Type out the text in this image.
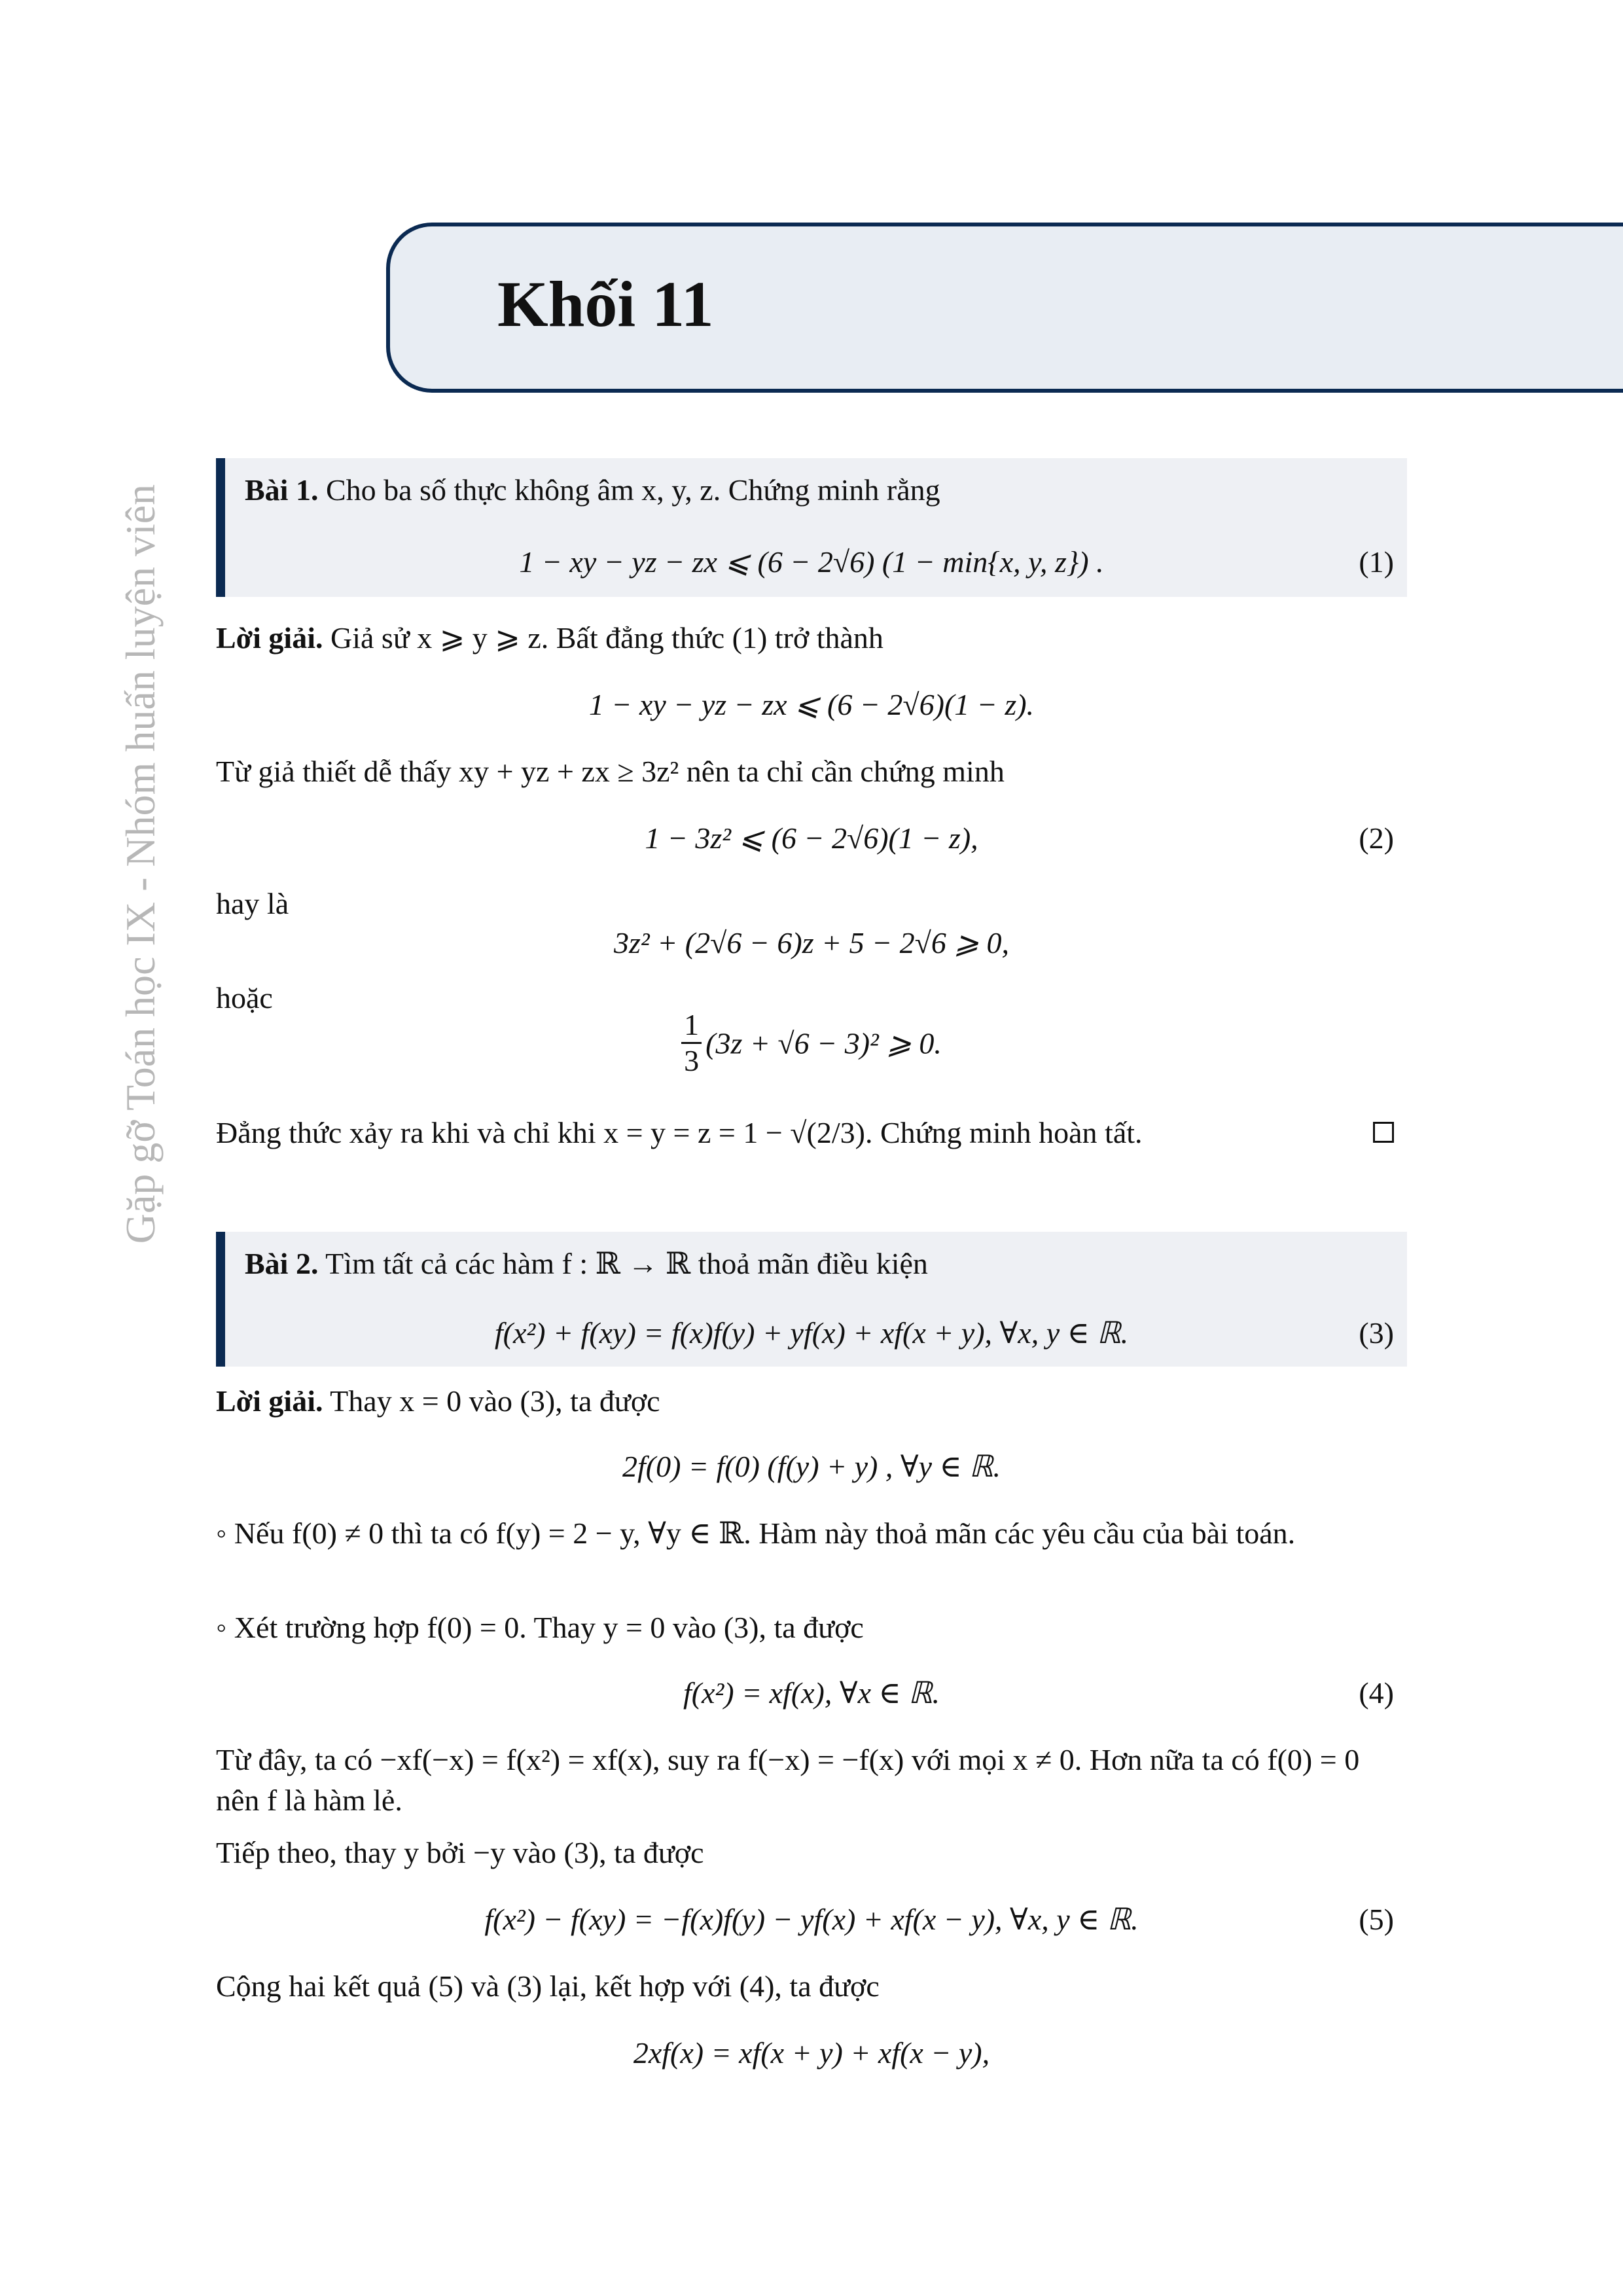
Khối 11
Gặp gỡ Toán học IX - Nhóm huấn luyện viên	Bài 1. Cho ba số thực không âm x, y, z. Chứng minh rằng
1 − xy − yz − zx ⩽ (6 − 2√6) (1 − min{x, y, z}) .	(1)
Lời giải. Giả sử x ⩾ y ⩾ z. Bất đẳng thức (1) trở thành
1 − xy − yz − zx ⩽ (6 − 2√6)(1 − z).
Từ giả thiết dễ thấy xy + yz + zx ≥ 3z² nên ta chỉ cần chứng minh
1 − 3z² ⩽ (6 − 2√6)(1 − z),	(2)
hay là
3z² + (2√6 − 6)z + 5 − 2√6 ⩾ 0,
hoặc
$\frac{1}{3} (3z + √6 - 3)^2$ ⩾ 0.
Đẳng thức xảy ra khi và chỉ khi x = y = z = 1 − √(2/3). Chứng minh hoàn tất.
Bài 2. Tìm tất cả các hàm f : ℝ → ℝ thoả mãn điều kiện
f(x²) + f(xy) = f(x)f(y) + yf(x) + xf(x + y), ∀x, y ∈ ℝ.	(3)
Lời giải. Thay x = 0 vào (3), ta được
2f(0) = f(0) (f(y) + y) , ∀y ∈ ℝ.
◦ Nếu f(0) ≠ 0 thì ta có f(y) = 2 − y, ∀y ∈ ℝ. Hàm này thoả mãn các yêu cầu của bài toán.
◦ Xét trường hợp f(0) = 0. Thay y = 0 vào (3), ta được
f(x²) = xf(x), ∀x ∈ ℝ.	(4)
Từ đây, ta có −xf(−x) = f(x²) = xf(x), suy ra f(−x) = −f(x) với mọi x ≠ 0. Hơn nữa ta có f(0) = 0 nên f là hàm lẻ.
Tiếp theo, thay y bởi −y vào (3), ta được
f(x²) − f(xy) = −f(x)f(y) − yf(x) + xf(x − y), ∀x, y ∈ ℝ.	(5)
Cộng hai kết quả (5) và (3) lại, kết hợp với (4), ta được
2xf(x) = xf(x + y) + xf(x − y),
